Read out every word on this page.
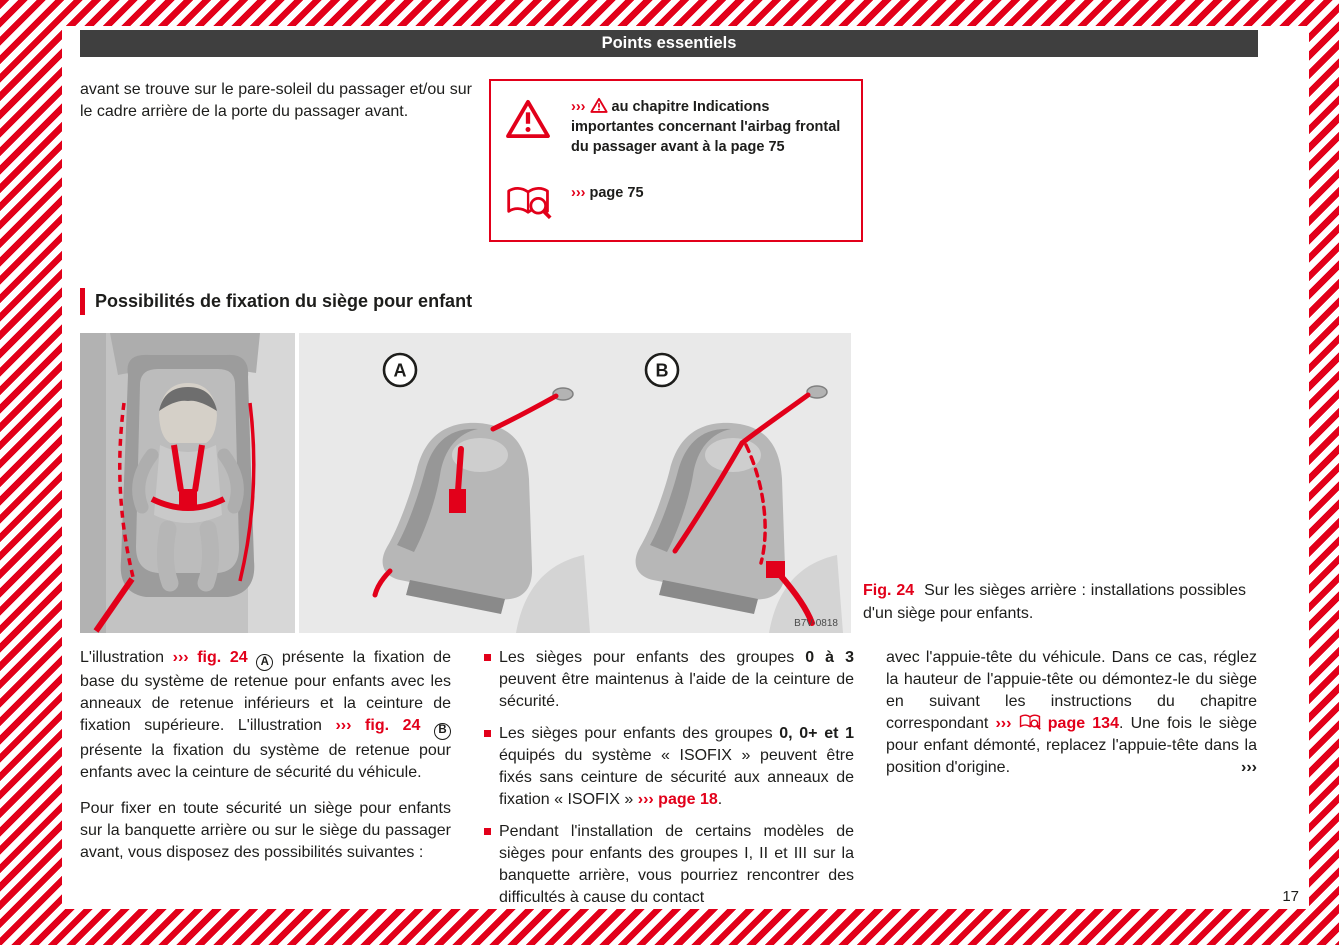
Points essentiels

avant se trouve sur le pare-soleil du passager et/ou sur le cadre arrière de la porte du passager avant.	›››  au chapitre Indications importantes concernant l'airbag frontal du passager avant à la page 75

››› page 75

Possibilités de fixation du siège pour enfant
A	B
B7V-0818

Fig. 24 Sur les sièges arrière : installations possibles d'un siège pour enfants.

L'illustration ››› fig. 24 A présente la fixation de base du système de retenue pour enfants avec les anneaux de retenue inférieurs et la ceinture de fixation supérieure. L'illustration ››› fig. 24 B présente la fixation du système de retenue pour enfants avec la ceinture de sécurité du véhicule.

Pour fixer en toute sécurité un siège pour enfants sur la banquette arrière ou sur le siège du passager avant, vous disposez des possibilités suivantes :

Les sièges pour enfants des groupes 0 à 3 peuvent être maintenus à l'aide de la ceinture de sécurité.
Les sièges pour enfants des groupes 0, 0+ et 1 équipés du système « ISOFIX » peuvent être fixés sans ceinture de sécurité aux anneaux de fixation « ISOFIX » ››› page 18.
Pendant l'installation de certains modèles de sièges pour enfants des groupes I, II et III sur la banquette arrière, vous pourriez rencontrer des difficultés à cause du contact

avec l'appuie-tête du véhicule. Dans ce cas, réglez la hauteur de l'appuie-tête ou démontez-le du siège en suivant les instructions du chapitre correspondant ›››  page 134. Une fois le siège pour enfant démonté, replacez l'appuie-tête dans la position d'origine.	›››

17
